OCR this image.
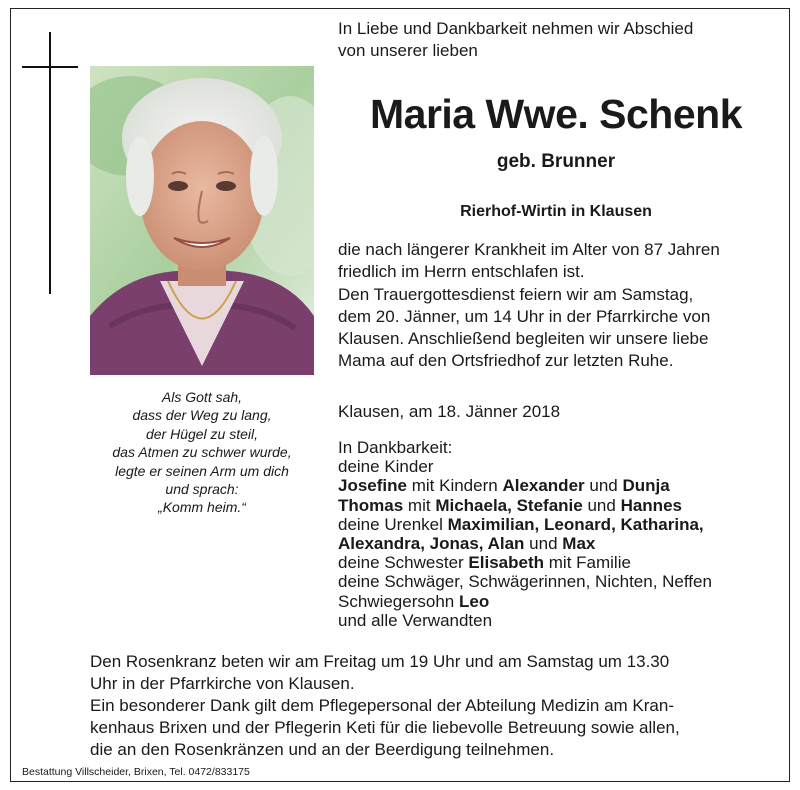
Als Gott sah,
dass der Weg zu lang,
der Hügel zu steil,
das Atmen zu schwer wurde,
legte er seinen Arm um dich
und sprach:
„Komm heim.“
In Liebe und Dankbarkeit nehmen wir Abschied
von unserer lieben
Maria Wwe. Schenk
geb. Brunner
Rierhof-Wirtin in Klausen
die nach längerer Krankheit im Alter von 87 Jahren
friedlich im Herrn entschlafen ist.
Den Trauergottesdienst feiern wir am Samstag,
dem 20. Jänner, um 14 Uhr in der Pfarrkirche von
Klausen. Anschließend begleiten wir unsere liebe
Mama auf den Ortsfriedhof zur letzten Ruhe.
Klausen, am 18. Jänner 2018
In Dankbarkeit:
deine Kinder
Josefine mit Kindern Alexander und Dunja
Thomas mit Michaela, Stefanie und Hannes
deine Urenkel Maximilian, Leonard, Katharina,
Alexandra, Jonas, Alan und Max
deine Schwester Elisabeth mit Familie
deine Schwäger, Schwägerinnen, Nichten, Neffen
Schwiegersohn Leo
und alle Verwandten
Den Rosenkranz beten wir am Freitag um 19 Uhr und am Samstag um 13.30
Uhr in der Pfarrkirche von Klausen.
Ein besonderer Dank gilt dem Pflegepersonal der Abteilung Medizin am Kran-
kenhaus Brixen und der Pflegerin Keti für die liebevolle Betreuung sowie allen,
die an den Rosenkränzen und an der Beerdigung teilnehmen.
Bestattung Villscheider, Brixen, Tel. 0472/833175
